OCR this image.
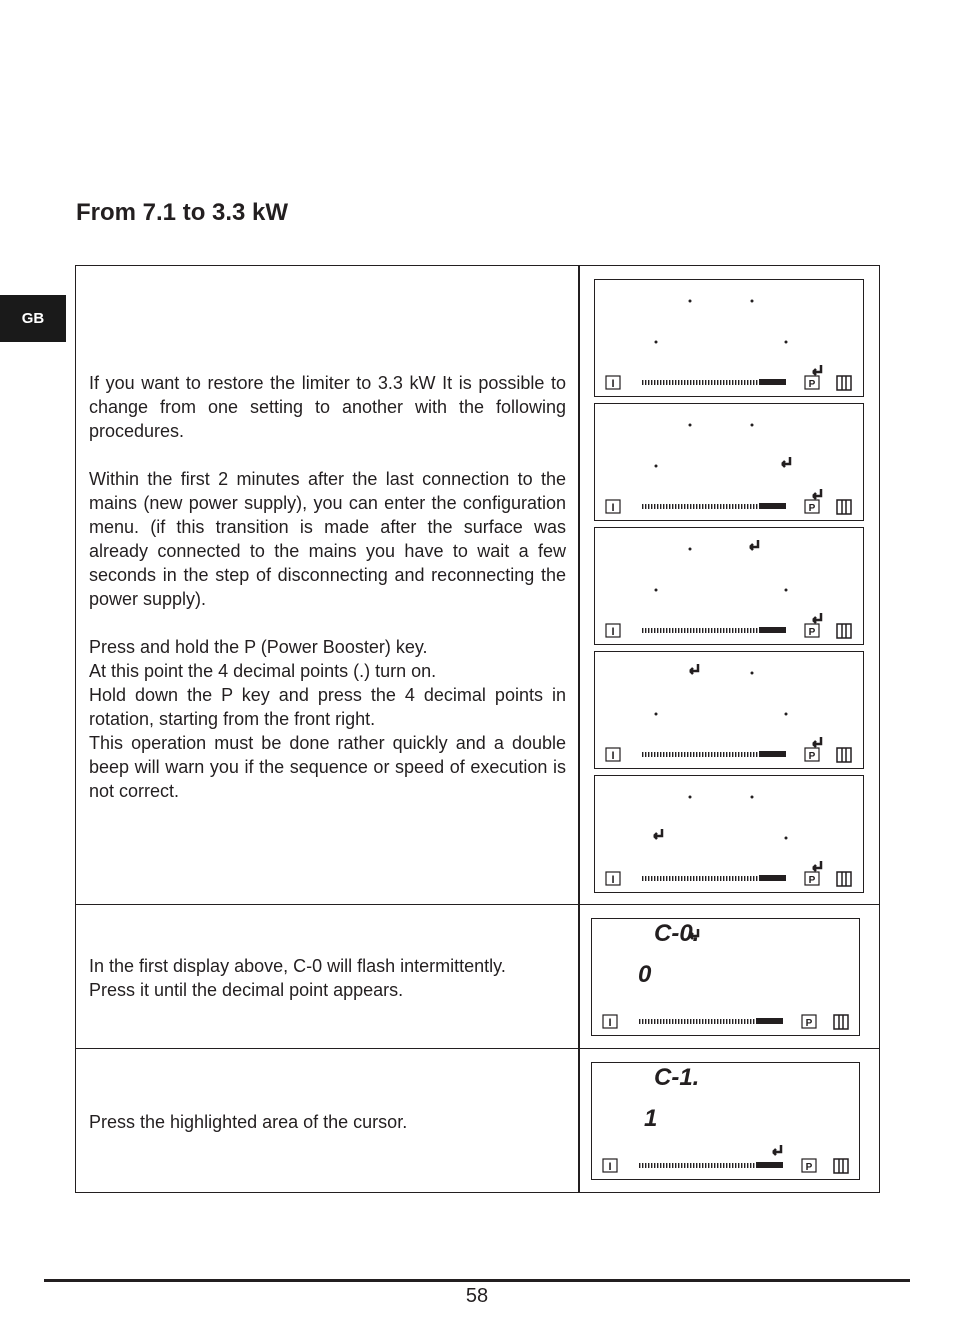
GB
From 7.1 to 3.3 kW

If you want to restore the limiter to 3.3 kW It is possible to change from one setting to another with the following procedures.

Within the first 2 minutes after the last connection to the mains (new power supply), you can enter the configuration menu. (if this transition is made after the surface was already connected to the mains you have to wait a few seconds in the step of disconnecting and reconnecting the power supply).

Press and hold the P (Power Booster) key.
At this point the 4 decimal points (.) turn on.
Hold down the P key and press the 4 decimal points in rotation, starting from the front right.
This operation must be done rather quickly and a double beep will warn you if the sequence or speed of execution is not correct.

In the first display above, C-0 will flash intermittently.
Press it until the decimal point appears.

Press the highlighted area of the cursor.

I	P
I	P
I	P
I	P
I	P
C-0.
0
I	P
C-1.
1
I	P
58
